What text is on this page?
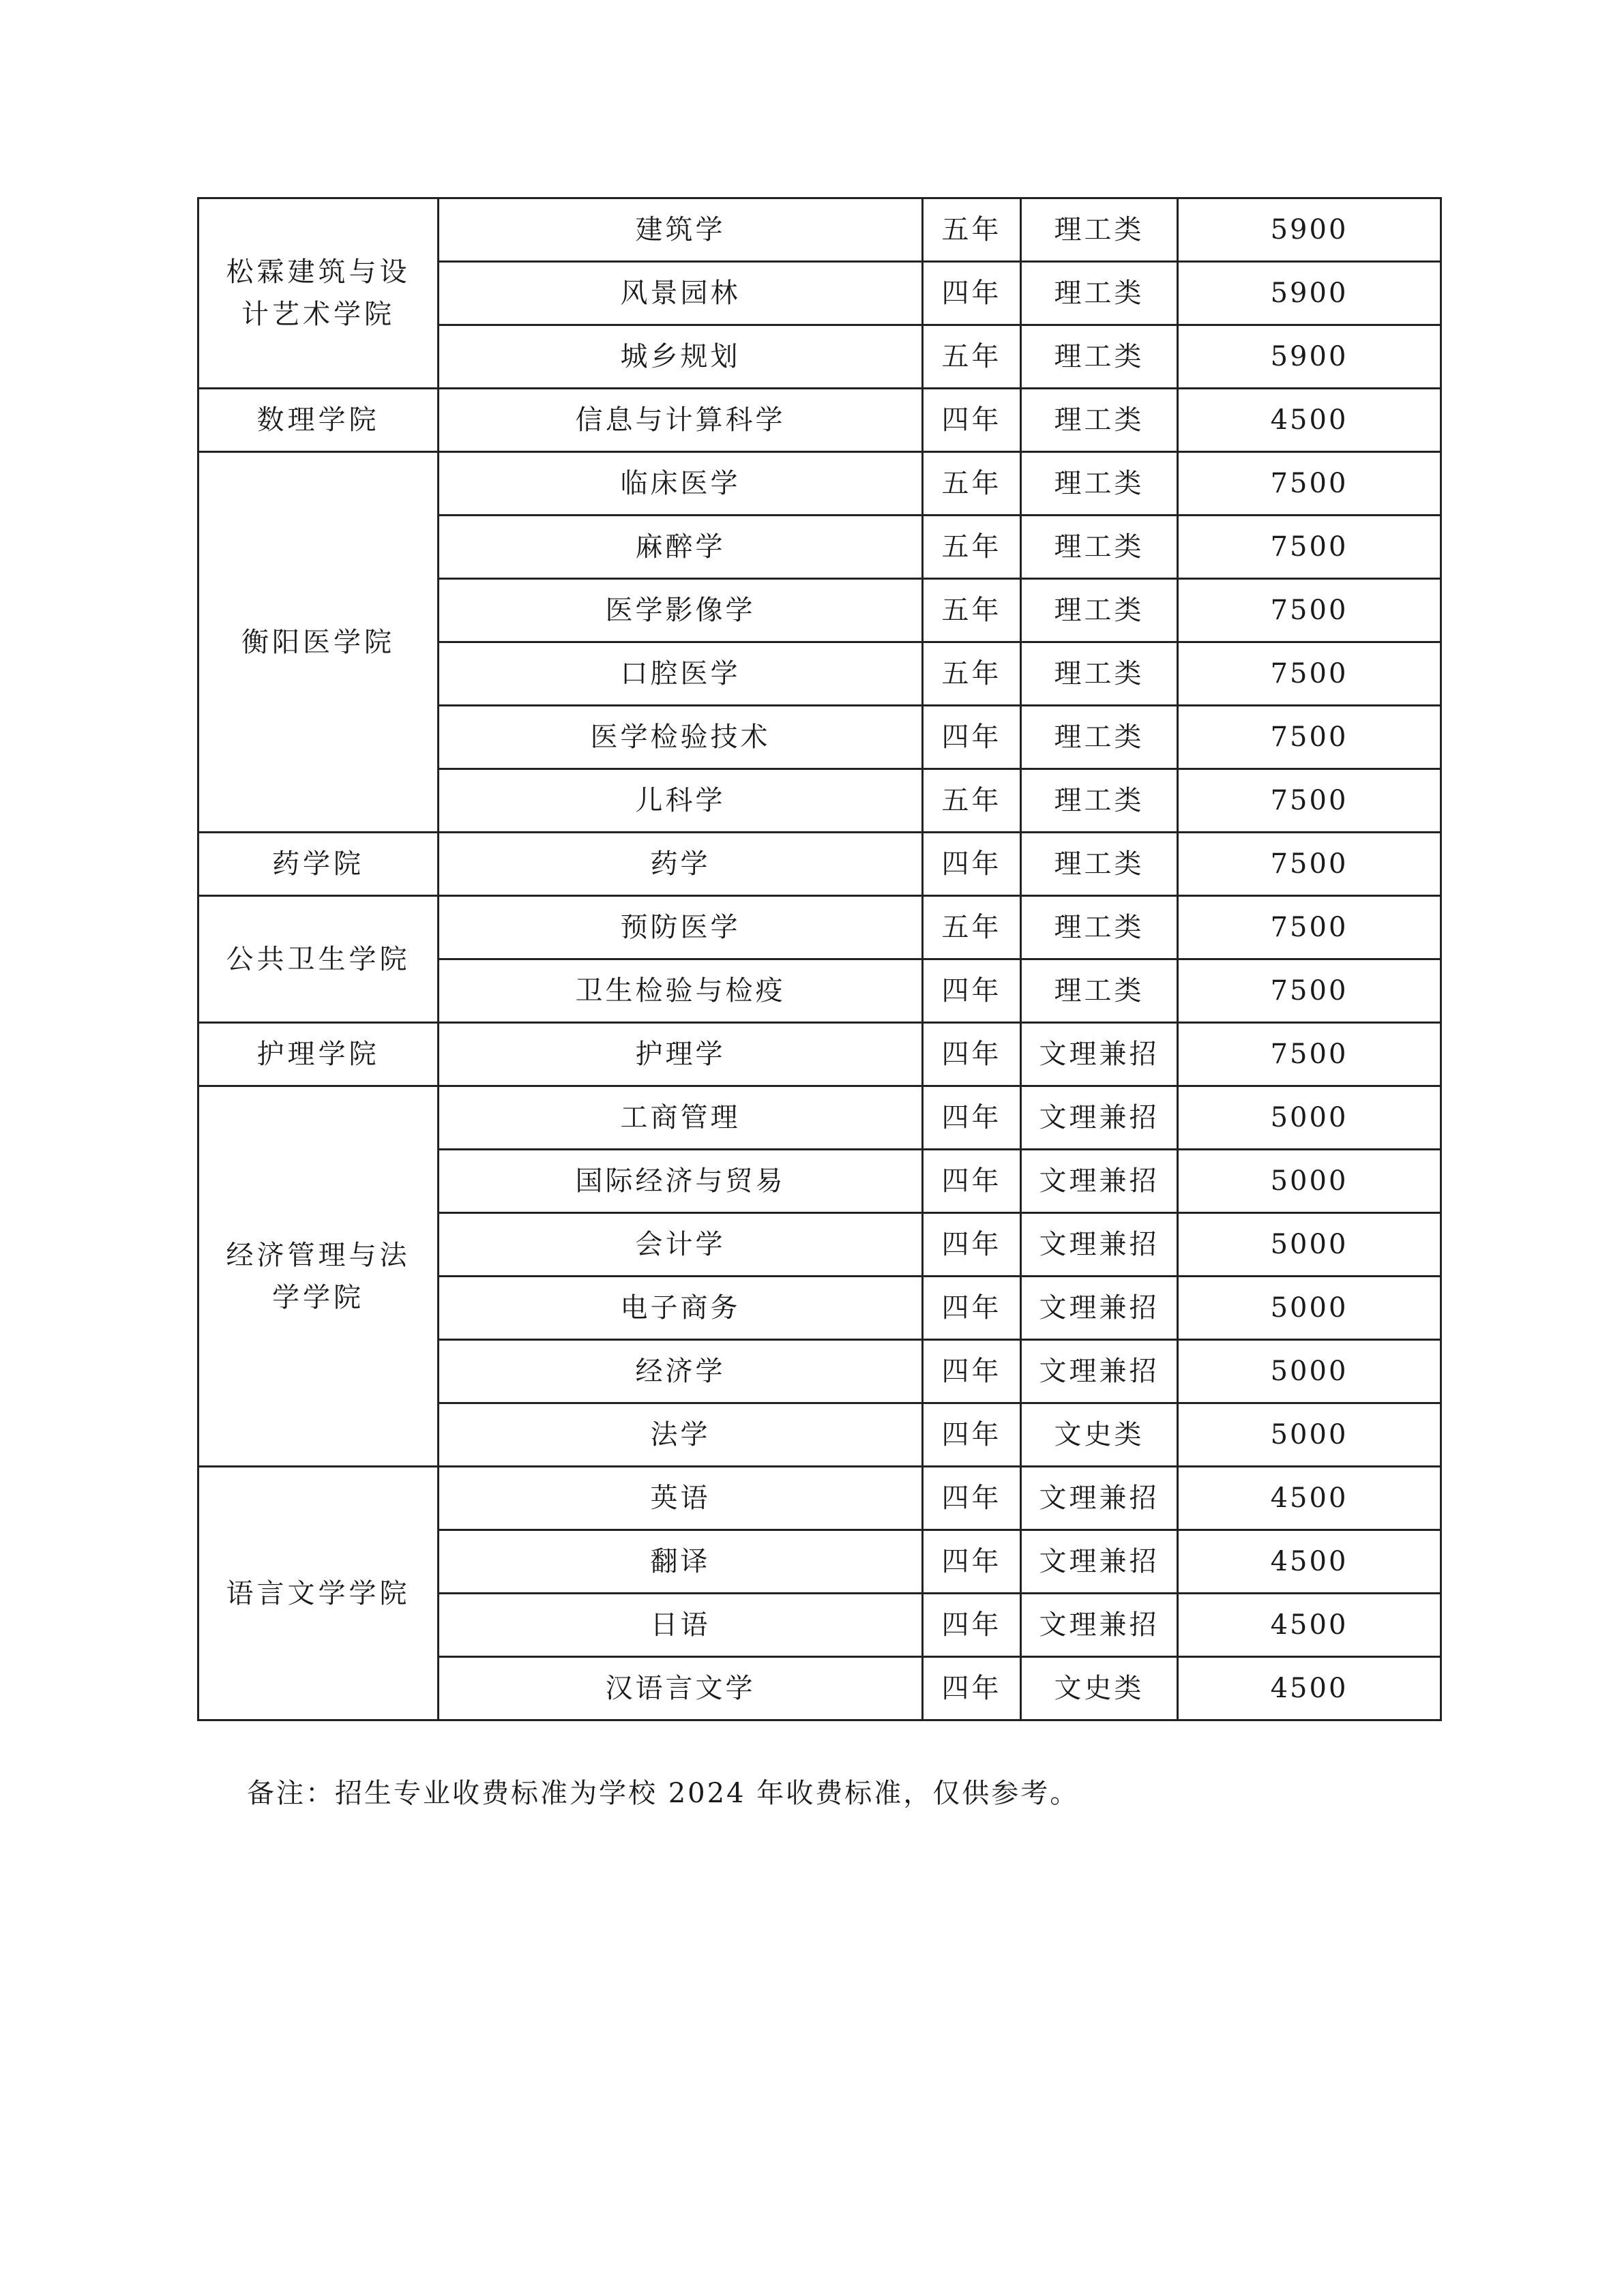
松霖建筑与设计艺术学院	建筑学	五年	理工类	5900
	风景园林	四年	理工类	5900
	城乡规划	五年	理工类	5900
数理学院	信息与计算科学	四年	理工类	4500
衡阳医学院	临床医学	五年	理工类	7500
	麻醉学	五年	理工类	7500
	医学影像学	五年	理工类	7500
	口腔医学	五年	理工类	7500
	医学检验技术	四年	理工类	7500
	儿科学	五年	理工类	7500
药学院	药学	四年	理工类	7500
公共卫生学院	预防医学	五年	理工类	7500
	卫生检验与检疫	四年	理工类	7500
护理学院	护理学	四年	文理兼招	7500
经济管理与法学学院	工商管理	四年	文理兼招	5000
	国际经济与贸易	四年	文理兼招	5000
	会计学	四年	文理兼招	5000
	电子商务	四年	文理兼招	5000
	经济学	四年	文理兼招	5000
	法学	四年	文史类	5000
语言文学学院	英语	四年	文理兼招	4500
	翻译	四年	文理兼招	4500
	日语	四年	文理兼招	4500
	汉语言文学	四年	文史类	4500
备注：招生专业收费标准为学校 2024 年收费标准，仅供参考。
